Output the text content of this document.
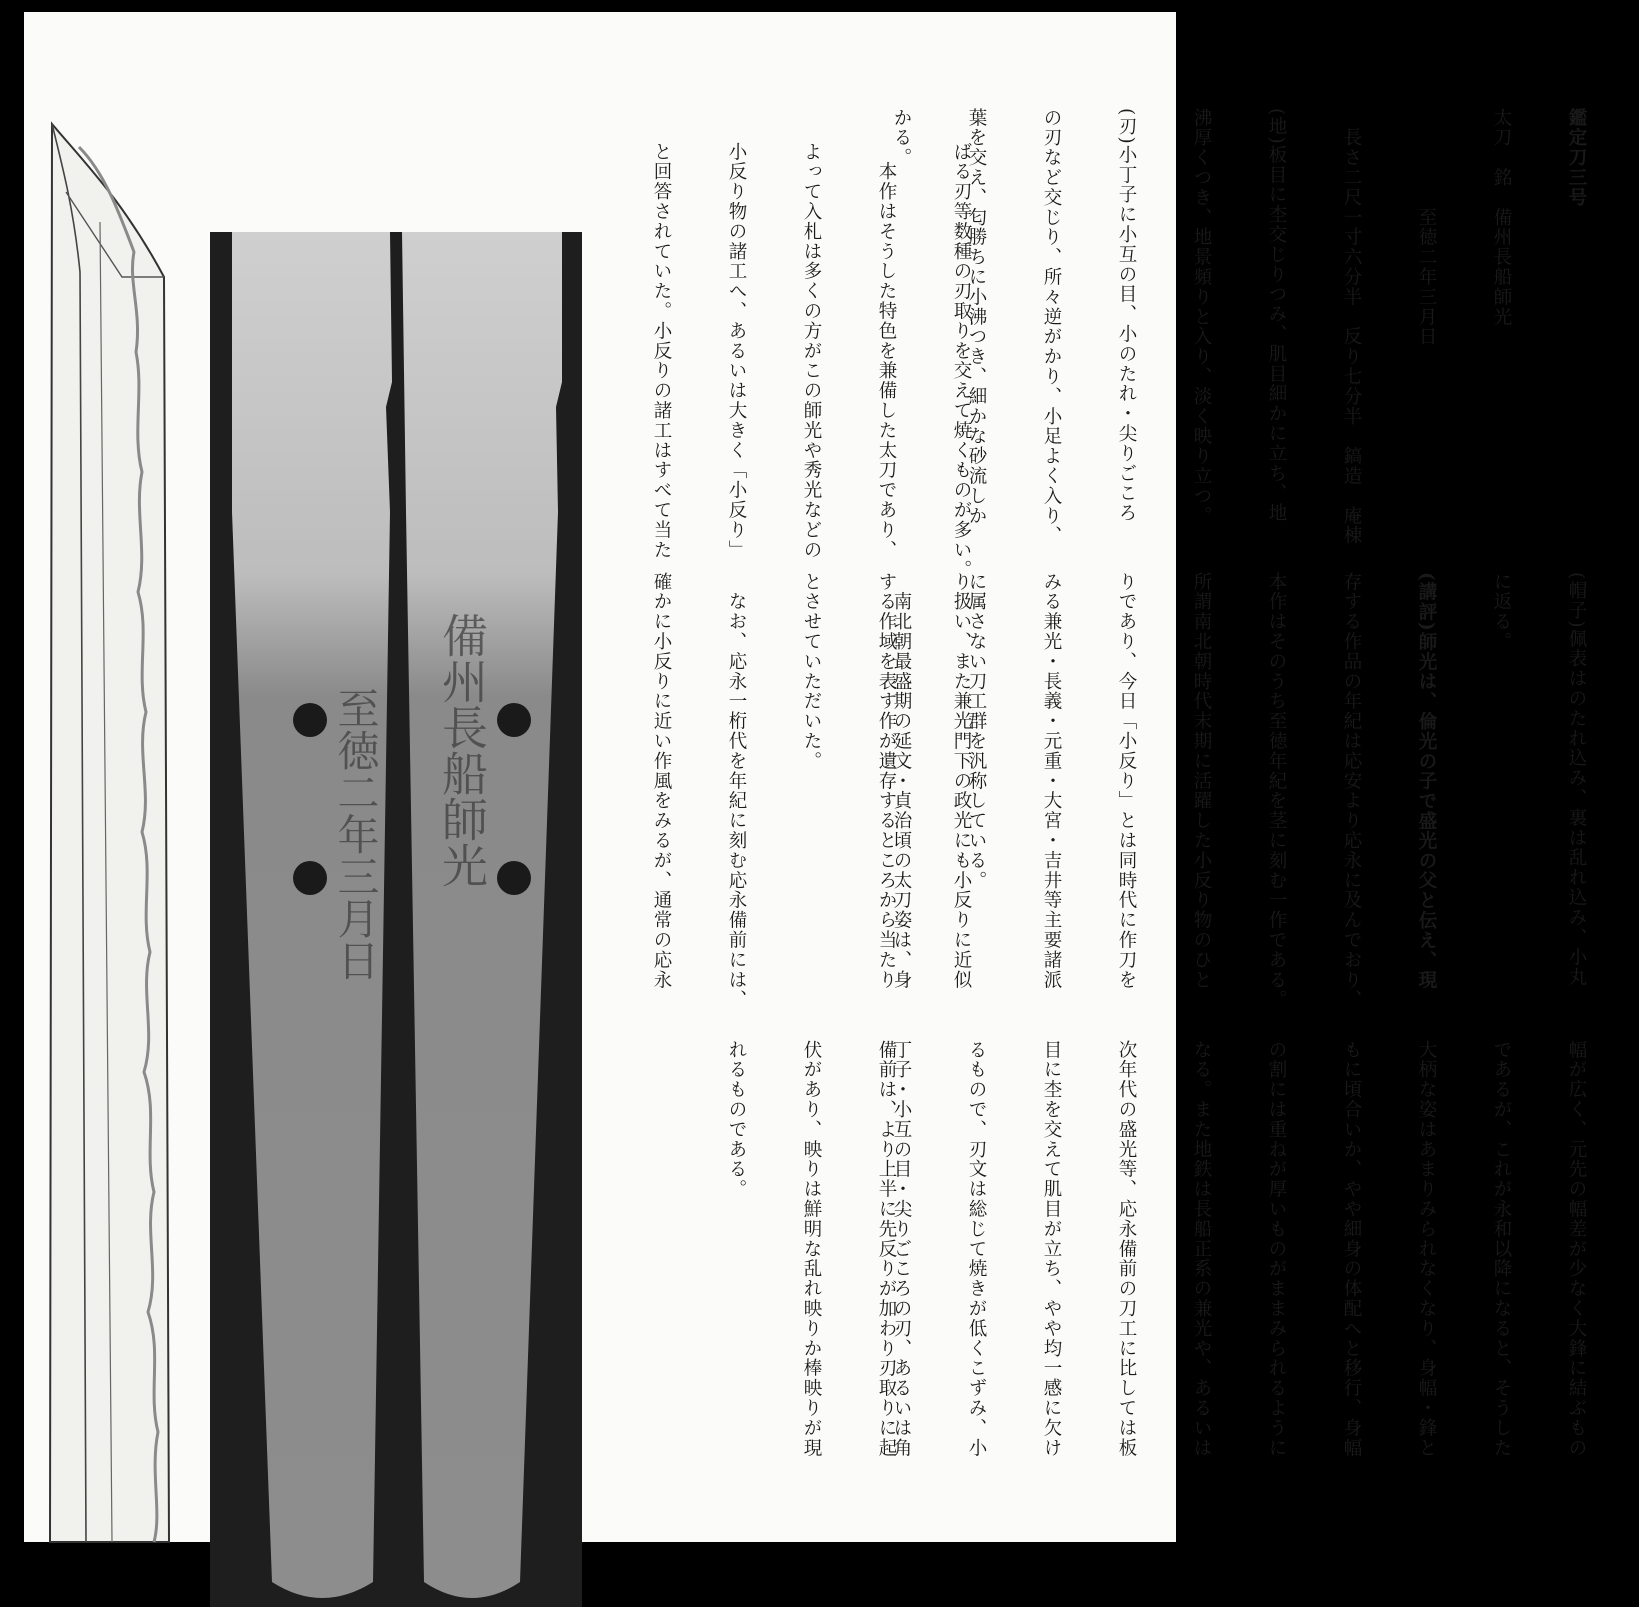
至徳二年三月日 備州長船師光

鑑定刀三号

太刀　銘　備州長船師光

　　　　　至徳二年三月日

　長さ二尺一寸六分半　反り七分半　鎬造　庵棟

(地)板目に杢交じりつみ、肌目細かに立ち、地

沸厚くつき、地景頻りと入り、淡く映り立つ。

(刃)小丁子に小互の目、小のたれ・尖りごころ

の刃など交じり、所々逆がかり、小足よく入り、

葉を交え、匂勝ちに小沸つき、細かな砂流しか

かる。

(帽子)佩表はのたれ込み、裏は乱れ込み、小丸

に返る。

(講評)師光は、倫光の子で盛光の父と伝え、現

存する作品の年紀は応安より応永に及んでおり、

本作はそのうち至徳年紀を茎に刻む一作である。

所謂南北朝時代末期に活躍した小反り物のひと

りであり、今日「小反り」とは同時代に作刀を

みる兼光・長義・元重・大宮・吉井等主要諸派

に属さない刀工群を汎称している。

　南北朝最盛期の延文・貞治頃の太刀姿は、身

幅が広く、元先の幅差が少なく大鋒に結ぶもの

であるが、これが永和以降になると、そうした

大柄な姿はあまりみられなくなり、身幅・鋒と

もに頃合いか、やや細身の体配へと移行、身幅

の割には重ねが厚いものがままみられるように

なる。また地鉄は長船正系の兼光や、あるいは

次年代の盛光等、応永備前の刀工に比しては板

目に杢を交えて肌目が立ち、やや均一感に欠け

るもので、刃文は総じて焼きが低くこずみ、小

丁子・小互の目・尖りごころの刃、あるいは角

ばる刃等数種の刃取りを交えて焼くものが多い。

　本作はそうした特色を兼備した太刀であり、

よって入札は多くの方がこの師光や秀光などの

小反り物の諸工へ、あるいは大きく「小反り」

と回答されていた。小反りの諸工はすべて当た

り扱い、また兼光門下の政光にも小反りに近似

する作域を表す作が遺存するところから当たり

とさせていただいた。

　なお、応永一桁代を年紀に刻む応永備前には、

確かに小反りに近い作風をみるが、通常の応永

備前は、より上半に先反りが加わり刃取りに起

伏があり、映りは鮮明な乱れ映りか棒映りが現

れるものである。
